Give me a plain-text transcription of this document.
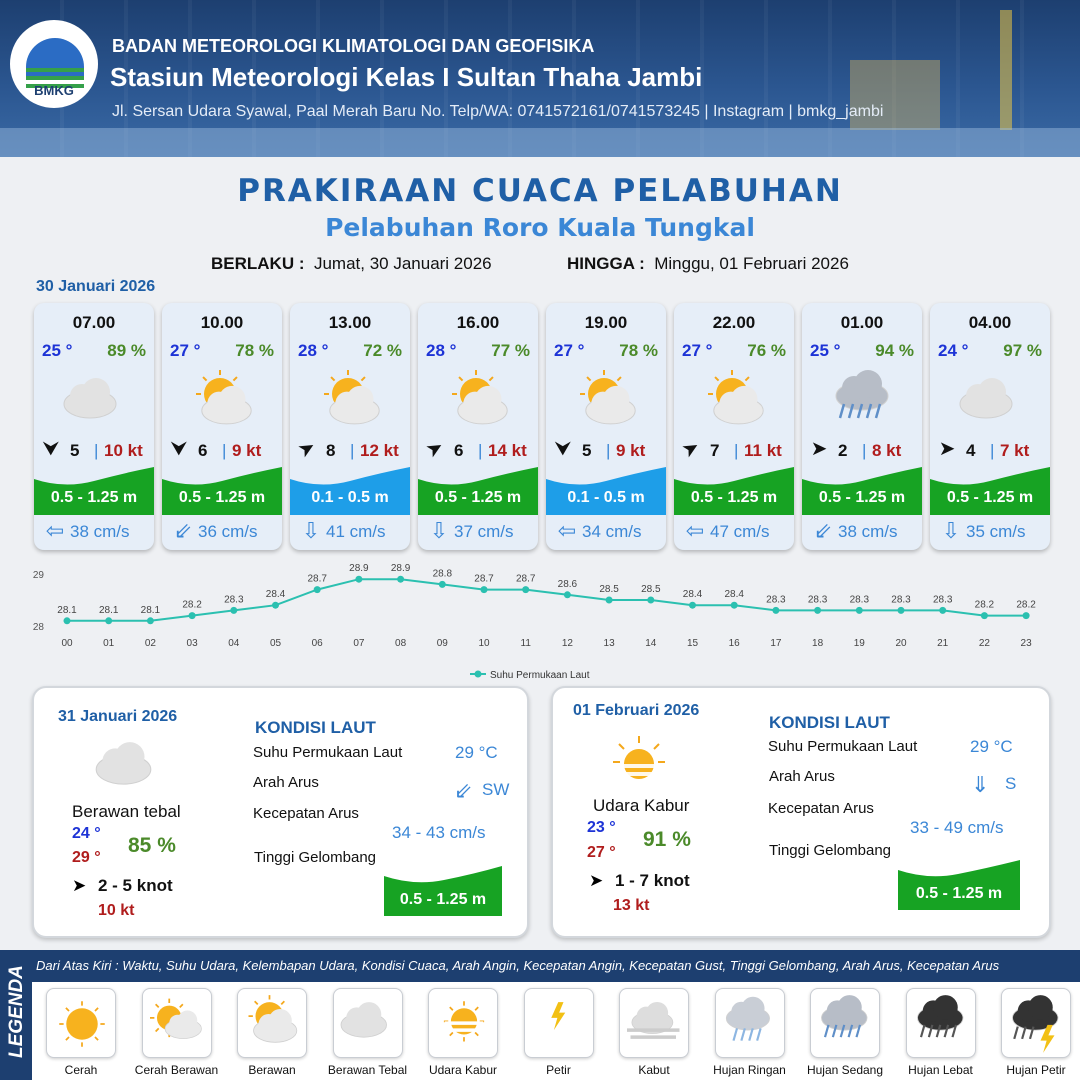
BMKG
BADAN METEOROLOGI KLIMATOLOGI DAN GEOFISIKA
Stasiun Meteorologi Kelas I Sultan Thaha Jambi
Jl. Sersan Udara Syawal, Paal Merah Baru No. Telp/WA: 0741572161/0741573245 | Instagram | bmkg_jambi
PRAKIRAAN CUACA PELABUHAN
Pelabuhan Roro Kuala Tungkal
BERLAKU : Jumat, 30 Januari 2026	HINGGA : Minggu, 01 Februari 2026
30 Januari 2026
07.00
25 ° 89 %
⮟ 5 | 10 kt
0.5 - 1.25 m
⇦ 38 cm/s
10.00
27 ° 78 %
⮟ 6 | 9 kt
0.5 - 1.25 m
⇙ 36 cm/s
13.00
28 ° 72 %
➤ 8 | 12 kt
0.1 - 0.5 m
⇩ 41 cm/s
16.00
28 ° 77 %
➤ 6 | 14 kt
0.5 - 1.25 m
⇩ 37 cm/s
19.00
27 ° 78 %
⮟ 5 | 9 kt
0.1 - 0.5 m
⇦ 34 cm/s
22.00
27 ° 76 %
➤ 7 | 11 kt
0.5 - 1.25 m
⇦ 47 cm/s
01.00
25 ° 94 %
➤ 2 | 8 kt
0.5 - 1.25 m
⇙ 38 cm/s
04.00
24 ° 97 %
➤ 4 | 7 kt
0.5 - 1.25 m
⇩ 35 cm/s
28
29
28.1
00
28.1
01
28.1
02
28.2
03
28.3
04
28.4
05
28.7
06
28.9
07
28.9
08
28.8
09
28.7
10
28.7
11
28.6
12
28.5
13
28.5
14
28.4
15
28.4
16
28.3
17
28.3
18
28.3
19
28.3
20
28.3
21
28.2
22
28.2
23
Suhu Permukaan Laut
31 Januari 2026
Berawan tebal
24 °
29 °
85 %
➤ 2 - 5 knot
10 kt
KONDISI LAUT
Suhu Permukaan Laut	29 °C
Arah Arus	⇙ SW
Kecepatan Arus
34 - 43 cm/s
Tinggi Gelombang
0.5 - 1.25 m
01 Februari 2026
Udara Kabur
23 °
27 °
91 %
➤ 1 - 7 knot
13 kt
KONDISI LAUT
Suhu Permukaan Laut	29 °C
Arah Arus	⇓ S
Kecepatan Arus
33 - 49 cm/s
Tinggi Gelombang
0.5 - 1.25 m
LEGENDA Dari Atas Kiri : Waktu, Suhu Udara, Kelembapan Udara, Kondisi Cuaca, Arah Angin, Kecepatan Angin, Kecepatan Gust, Tinggi Gelombang, Arah Arus, Kecepatan Arus
Cerah	Cerah Berawan	Berawan	Berawan Tebal	Udara Kabur	Petir	Kabut	Hujan Ringan	Hujan Sedang	Hujan Lebat	Hujan Petir
